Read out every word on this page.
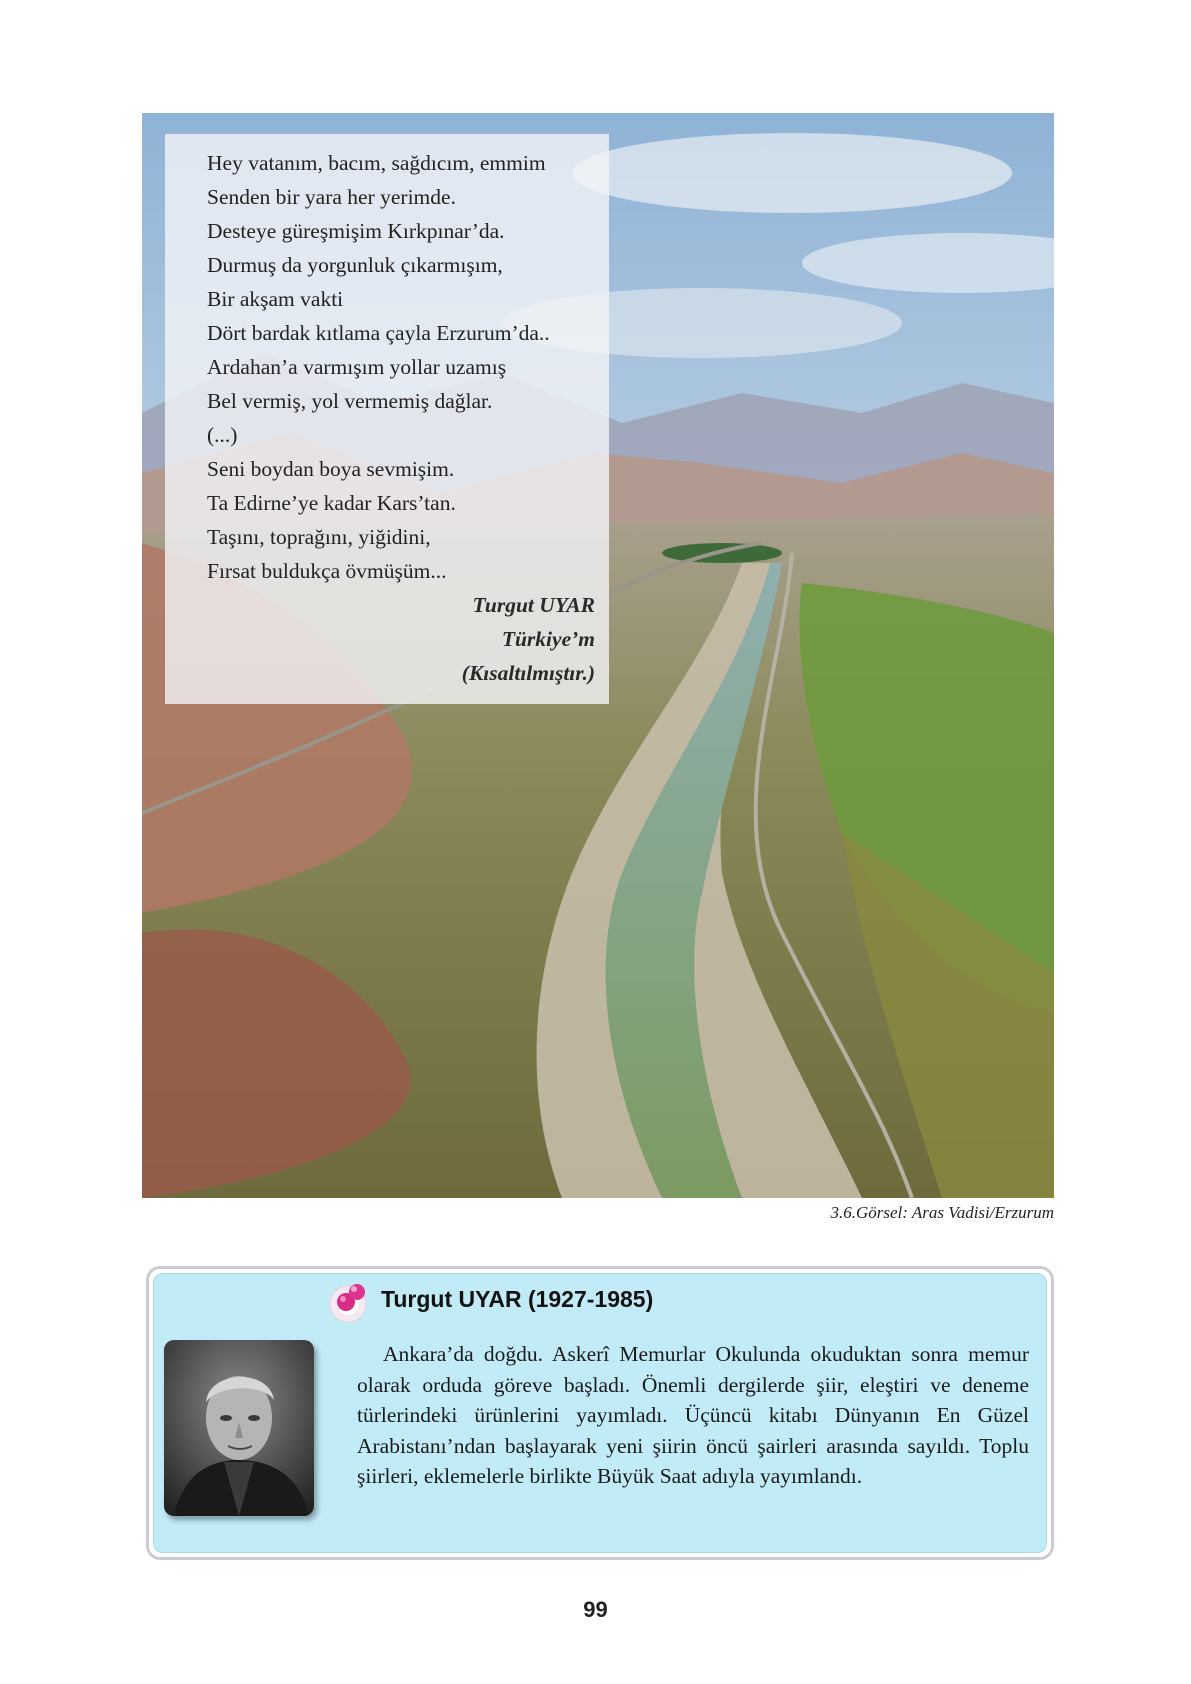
Hey vatanım, bacım, sağdıcım, emmim
Senden bir yara her yerimde.
Desteye güreşmişim Kırkpınar’da.
Durmuş da yorgunluk çıkarmışım,
Bir akşam vakti
Dört bardak kıtlama çayla Erzurum’da..
Ardahan’a varmışım yollar uzamış
Bel vermiş, yol vermemiş dağlar.
(...)
Seni boydan boya sevmişim.
Ta Edirne’ye kadar Kars’tan.
Taşını, toprağını, yiğidini,
Fırsat buldukça övmüşüm...
Turgut UYAR
Türkiye’m
(Kısaltılmıştır.)
3.6.Görsel: Aras Vadisi/Erzurum
Turgut UYAR (1927-1985)

Ankara’da doğdu. Askerî Memurlar Okulunda okuduktan sonra memur olarak orduda göreve başladı. Önemli dergilerde şiir, eleştiri ve deneme türlerindeki ürünlerini yayımladı. Üçüncü kitabı Dünyanın En Güzel Arabistanı’ndan başlayarak yeni şiirin öncü şairleri arasında sayıldı. Toplu şiirleri, eklemelerle birlikte Büyük Saat adıyla yayımlandı.

99
